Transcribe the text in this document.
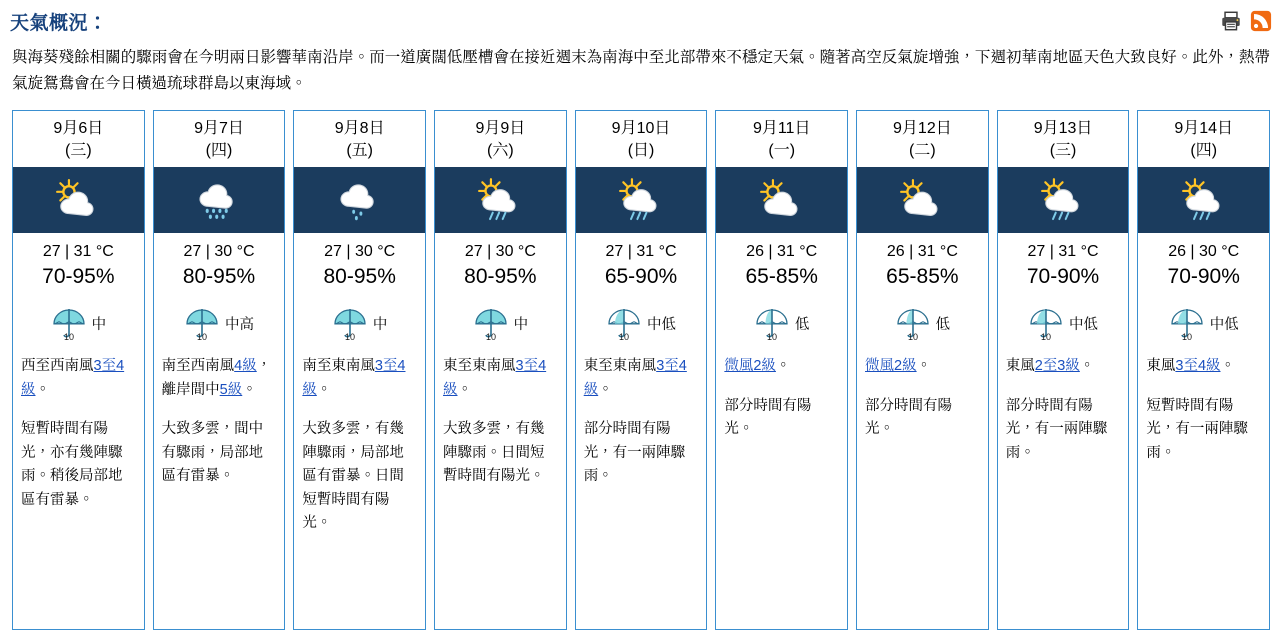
天氣概況：
與海葵殘餘相關的驟雨會在今明兩日影響華南沿岸。而一道廣闊低壓槽會在接近週末為南海中至北部帶來不穩定天氣。隨著高空反氣旋增強，下週初華南地區天色大致良好。此外，熱帶氣旋鴛鴦會在今日橫過琉球群島以東海域。
9月6日
(三)
27 | 31 °C
70-95%
10
中
西至西南風3至4級。
短暫時間有陽光，亦有幾陣驟雨。稍後局部地區有雷暴。
9月7日
(四)
27 | 30 °C
80-95%
10
中高
南至西南風4級，離岸間中5級。
大致多雲，間中有驟雨，局部地區有雷暴。
9月8日
(五)
27 | 30 °C
80-95%
10
中
南至東南風3至4級。
大致多雲，有幾陣驟雨，局部地區有雷暴。日間短暫時間有陽光。
9月9日
(六)
27 | 30 °C
80-95%
10
中
東至東南風3至4級。
大致多雲，有幾陣驟雨。日間短暫時間有陽光。
9月10日
(日)
27 | 31 °C
65-90%
10
中低
東至東南風3至4級。
部分時間有陽光，有一兩陣驟雨。
9月11日
(一)
26 | 31 °C
65-85%
10
低
微風2級。
部分時間有陽光。
9月12日
(二)
26 | 31 °C
65-85%
10
低
微風2級。
部分時間有陽光。
9月13日
(三)
27 | 31 °C
70-90%
10
中低
東風2至3級。
部分時間有陽光，有一兩陣驟雨。
9月14日
(四)
26 | 30 °C
70-90%
10
中低
東風3至4級。
短暫時間有陽光，有一兩陣驟雨。
